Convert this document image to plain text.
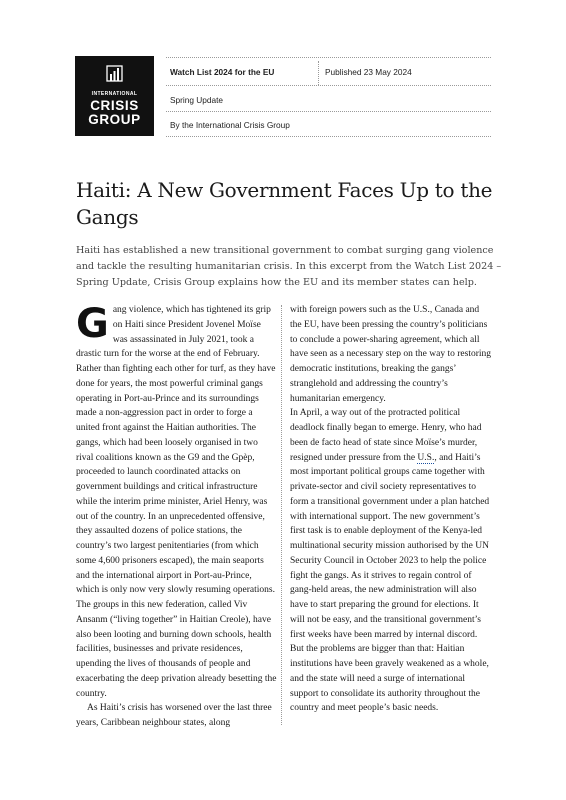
INTERNATIONAL
CRISIS
GROUP
Watch List 2024 for the EU	Published 23 May 2024
Spring Update
By the International Crisis Group
Haiti: A New Government Faces Up to the Gangs

Haiti has established a new transitional government to combat surging gang violence and tackle the resulting humanitarian crisis. In this excerpt from the Watch List 2024 – Spring Update, Crisis Group explains how the EU and its member states can help.

Gang violence, which has tightened its grip on Haiti since President Jovenel Moïse was assassinated in July 2021, took a drastic turn for the worse at the end of February. Rather than fighting each other for turf, as they have done for years, the most powerful criminal gangs operating in Port-au-Prince and its surroundings made a non-aggression pact in order to forge a united front against the Haitian authorities. The gangs, which had been loosely organised in two rival coalitions known as the G9 and the Gpèp, proceeded to launch coordinated attacks on government buildings and critical infrastructure while the interim prime minister, Ariel Henry, was out of the country. In an unprecedented offensive, they assaulted dozens of police stations, the country’s two largest penitentiaries (from which some 4,600 prisoners escaped), the main seaports and the international airport in Port-au-Prince, which is only now very slowly resuming operations. The groups in this new federation, called Viv Ansanm (“living together” in Haitian Creole), have also been looting and burning down schools, health facilities, businesses and private residences, upending the lives of thousands of people and exacerbating the deep privation already besetting the country.

As Haiti’s crisis has worsened over the last three years, Caribbean neighbour states, along

with foreign powers such as the U.S., Canada and the EU, have been pressing the country’s politicians to conclude a power-sharing agreement, which all have seen as a necessary step on the way to restoring democratic institutions, breaking the gangs’ stranglehold and addressing the country’s humanitarian emergency.

In April, a way out of the protracted political deadlock finally began to emerge. Henry, who had been de facto head of state since Moïse’s murder, resigned under pressure from the U.S., and Haiti’s most important political groups came together with private-sector and civil society representatives to form a transitional government under a plan hatched with international support. The new government’s first task is to enable deployment of the Kenya-led multinational security mission authorised by the UN Security Council in October 2023 to help the police fight the gangs. As it strives to regain control of gang-held areas, the new administration will also have to start preparing the ground for elections. It will not be easy, and the transitional government’s first weeks have been marred by internal discord. But the problems are bigger than that: Haitian institutions have been gravely weakened as a whole, and the state will need a surge of international support to consolidate its authority throughout the country and meet people’s basic needs.
